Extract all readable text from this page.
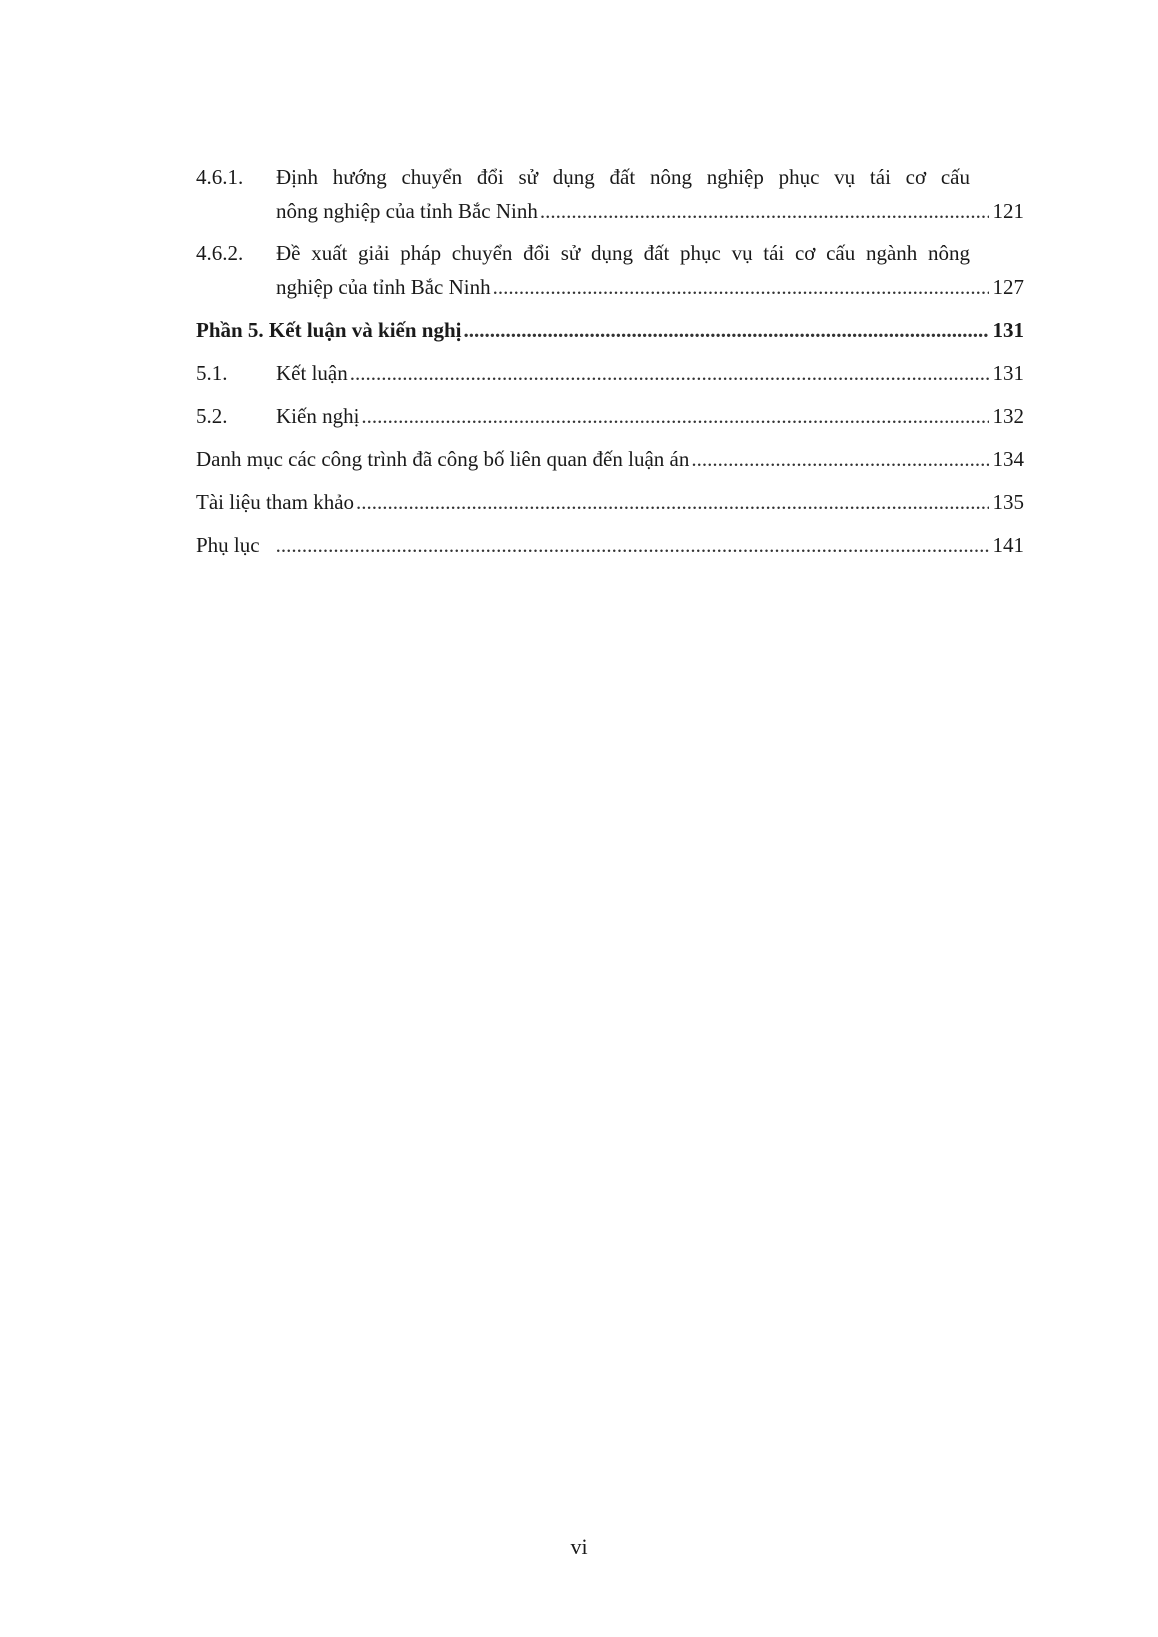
4.6.1. Định hướng chuyển đổi sử dụng đất nông nghiệp phục vụ tái cơ cấu
nông nghiệp của tỉnh Bắc Ninh .....	121
4.6.2. Đề xuất giải pháp chuyển đổi sử dụng đất phục vụ tái cơ cấu ngành nông
nghiệp của tỉnh Bắc Ninh .....	127
Phần 5. Kết luận và kiến nghị .....	131
5.1. Kết luận .....	131
5.2. Kiến nghị .....	132
Danh mục các công trình đã công bố liên quan đến luận án .....	134
Tài liệu tham khảo .....	135
Phụ lục .....	141
vi
